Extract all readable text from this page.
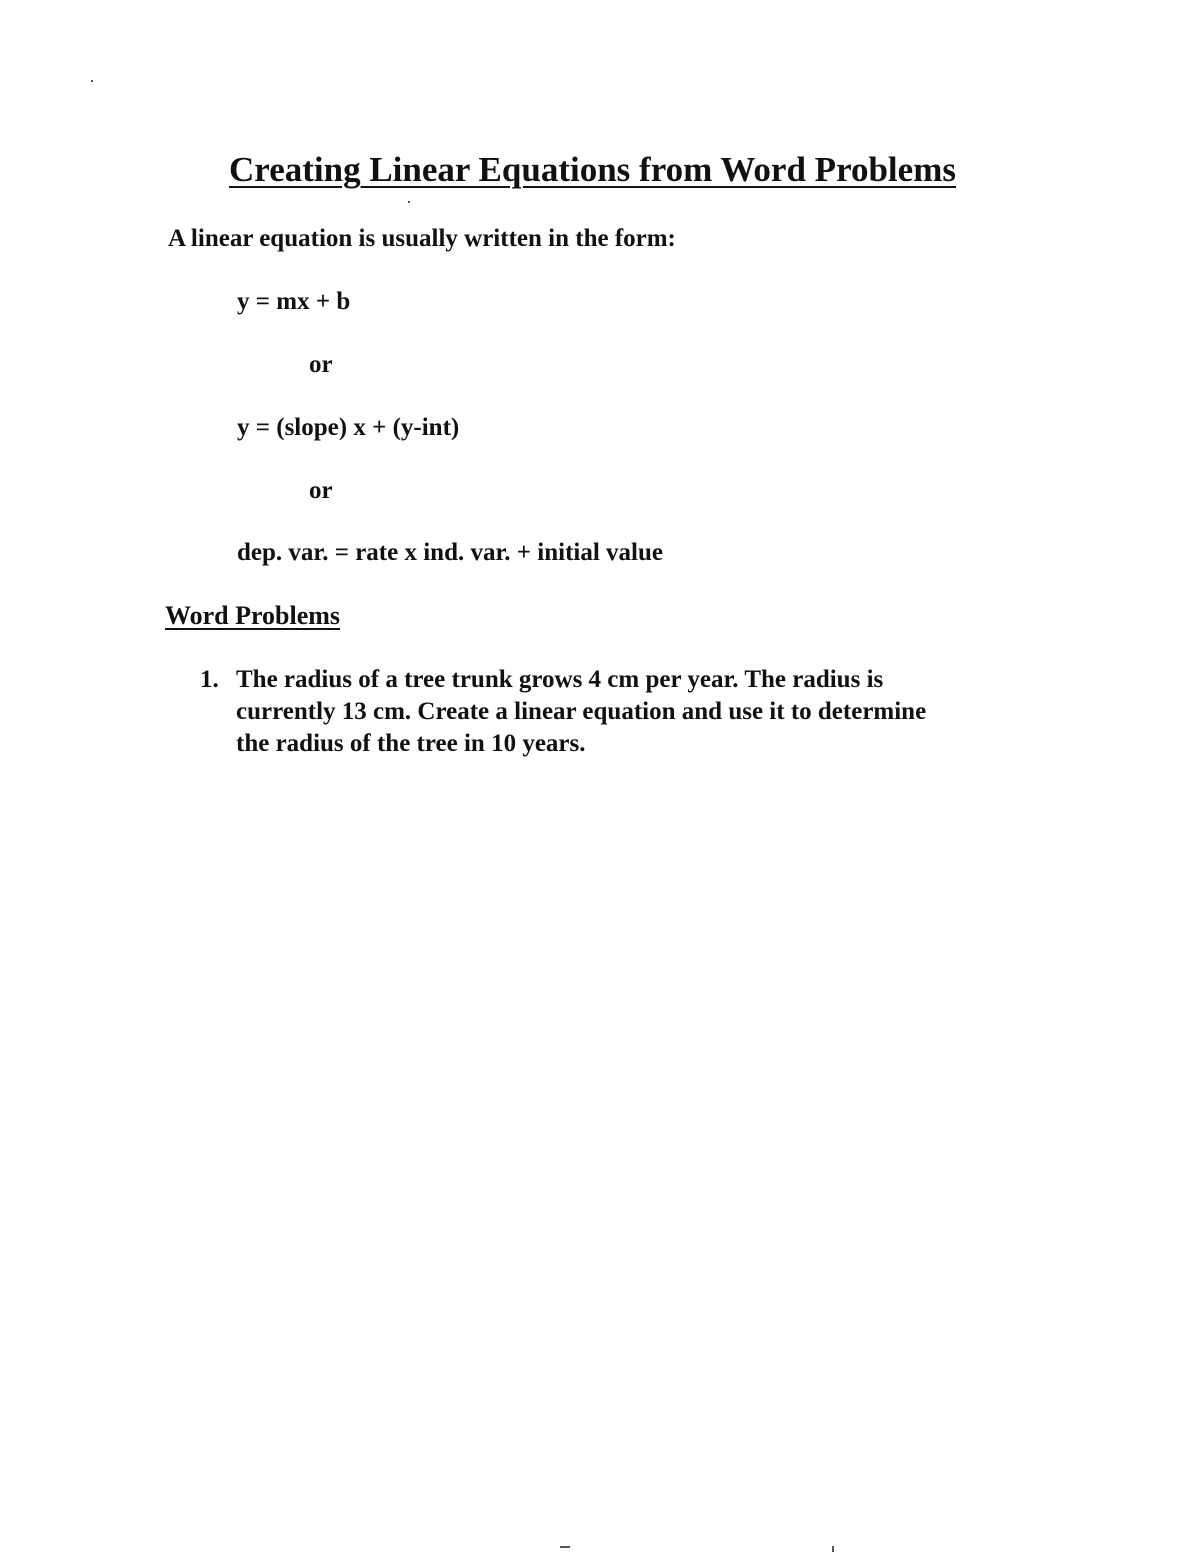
Creating Linear Equations from Word Problems
A linear equation is usually written in the form:
y = mx + b
or
y = (slope) x + (y-int)
or
dep. var. = rate x ind. var. + initial value
Word Problems
1. The radius of a tree trunk grows 4 cm per year. The radius is
currently 13 cm. Create a linear equation and use it to determine
the radius of the tree in 10 years.
